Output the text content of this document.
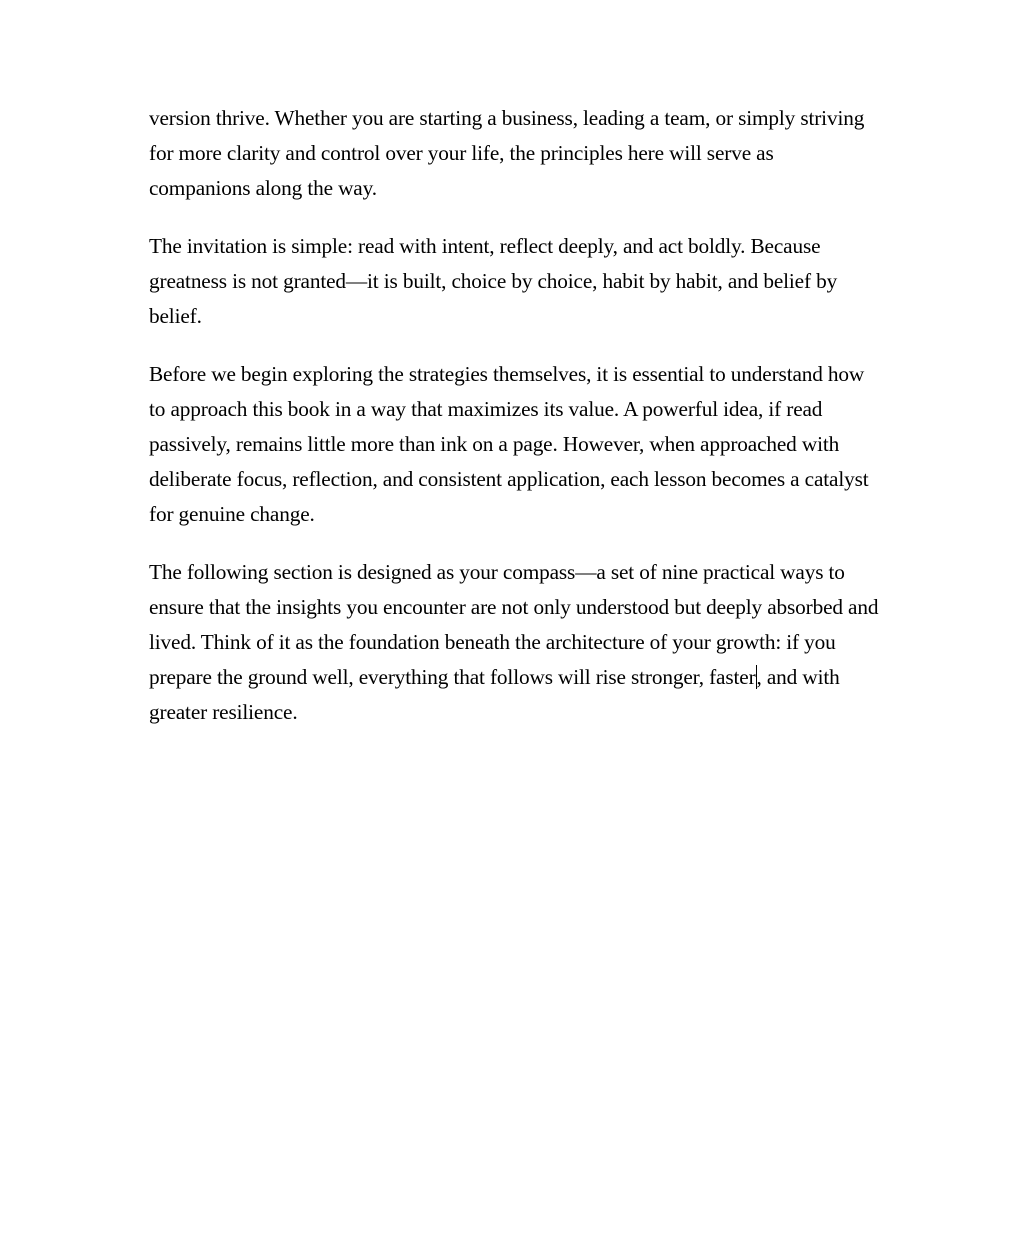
version thrive. Whether you are starting a business, leading a team, or simply striving for more clarity and control over your life, the principles here will serve as companions along the way.

The invitation is simple: read with intent, reflect deeply, and act boldly. Because greatness is not granted—it is built, choice by choice, habit by habit, and belief by belief.

Before we begin exploring the strategies themselves, it is essential to understand how to approach this book in a way that maximizes its value. A powerful idea, if read passively, remains little more than ink on a page. However, when approached with deliberate focus, reflection, and consistent application, each lesson becomes a catalyst for genuine change.

The following section is designed as your compass—a set of nine practical ways to ensure that the insights you encounter are not only understood but deeply absorbed and lived. Think of it as the foundation beneath the architecture of your growth: if you prepare the ground well, everything that follows will rise stronger, faster, and with greater resilience.
